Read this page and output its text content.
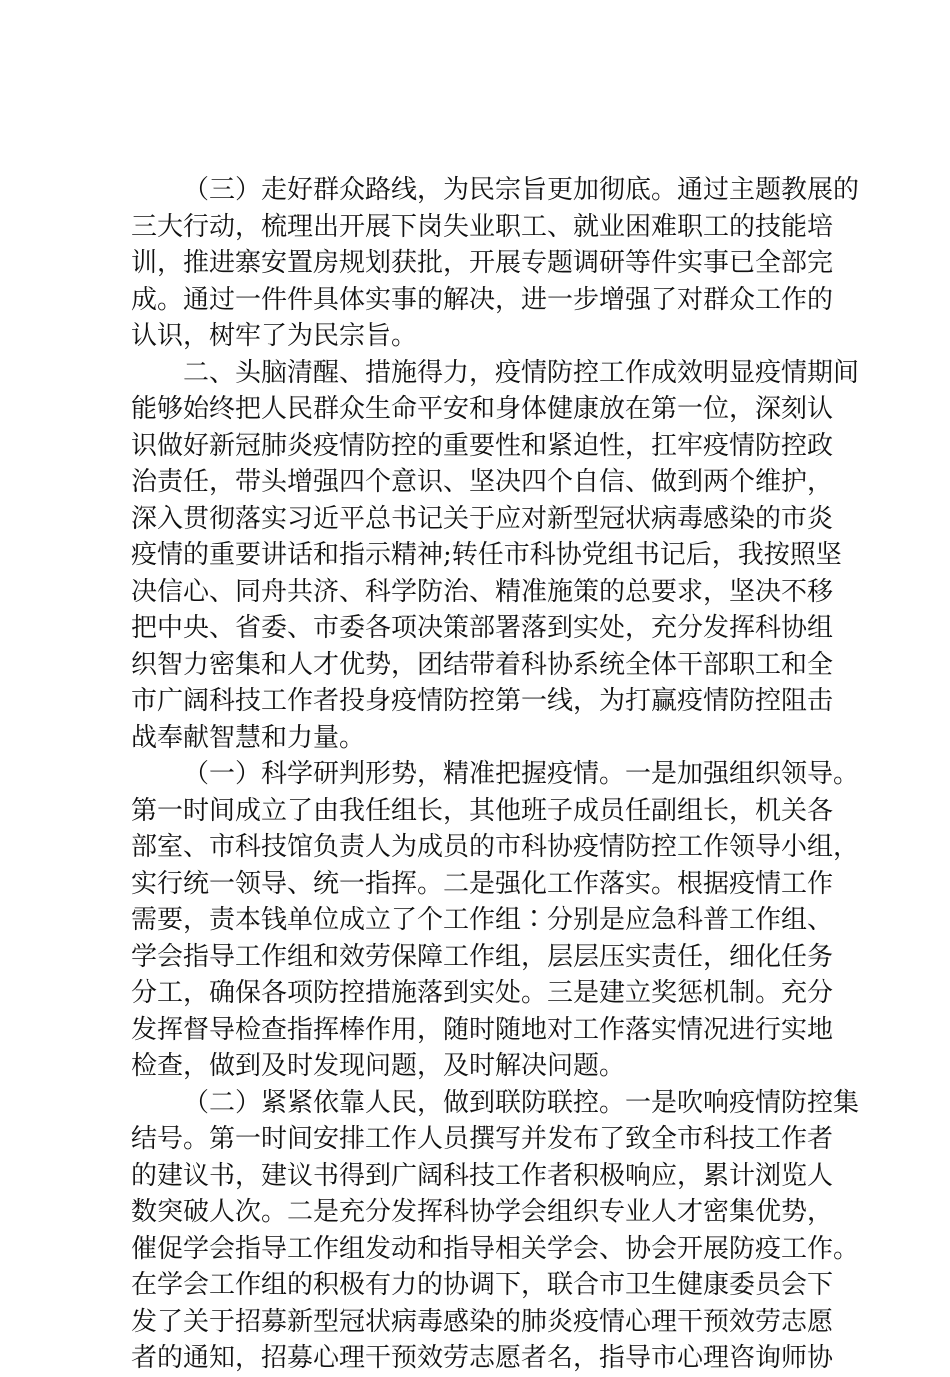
（三）走好群众路线，为民宗旨更加彻底。通过主题教展的
三大行动，梳理出开展下岗失业职工、就业困难职工的技能培
训，推进寨安置房规划获批，开展专题调研等件实事已全部完
成。通过一件件具体实事的解决，进一步增强了对群众工作的
认识，树牢了为民宗旨。
二、头脑清醒、措施得力，疫情防控工作成效明显疫情期间
能够始终把人民群众生命平安和身体健康放在第一位，深刻认
识做好新冠肺炎疫情防控的重要性和紧迫性，扛牢疫情防控政
治责任，带头增强四个意识、坚决四个自信、做到两个维护，
深入贯彻落实习近平总书记关于应对新型冠状病毒感染的市炎
疫情的重要讲话和指示精神;转任市科协党组书记后，我按照坚
决信心、同舟共济、科学防治、精准施策的总要求，坚决不移
把中央、省委、市委各项决策部署落到实处，充分发挥科协组
织智力密集和人才优势，团结带着科协系统全体干部职工和全
市广阔科技工作者投身疫情防控第一线，为打赢疫情防控阻击
战奉献智慧和力量。
（一）科学研判形势，精准把握疫情。一是加强组织领导。
第一时间成立了由我任组长，其他班子成员任副组长，机关各
部室、市科技馆负责人为成员的市科协疫情防控工作领导小组，
实行统一领导、统一指挥。二是强化工作落实。根据疫情工作
需要，责本钱单位成立了个工作组∶分别是应急科普工作组、
学会指导工作组和效劳保障工作组，层层压实责任，细化任务
分工，确保各项防控措施落到实处。三是建立奖惩机制。充分
发挥督导检查指挥棒作用，随时随地对工作落实情况进行实地
检查，做到及时发现问题，及时解决问题。
（二）紧紧依靠人民，做到联防联控。一是吹响疫情防控集
结号。第一时间安排工作人员撰写并发布了致全市科技工作者
的建议书，建议书得到广阔科技工作者积极响应，累计浏览人
数突破人次。二是充分发挥科协学会组织专业人才密集优势，
催促学会指导工作组发动和指导相关学会、协会开展防疫工作。
在学会工作组的积极有力的协调下，联合市卫生健康委员会下
发了关于招募新型冠状病毒感染的肺炎疫情心理干预效劳志愿
者的通知，招募心理干预效劳志愿者名，指导市心理咨询师协
